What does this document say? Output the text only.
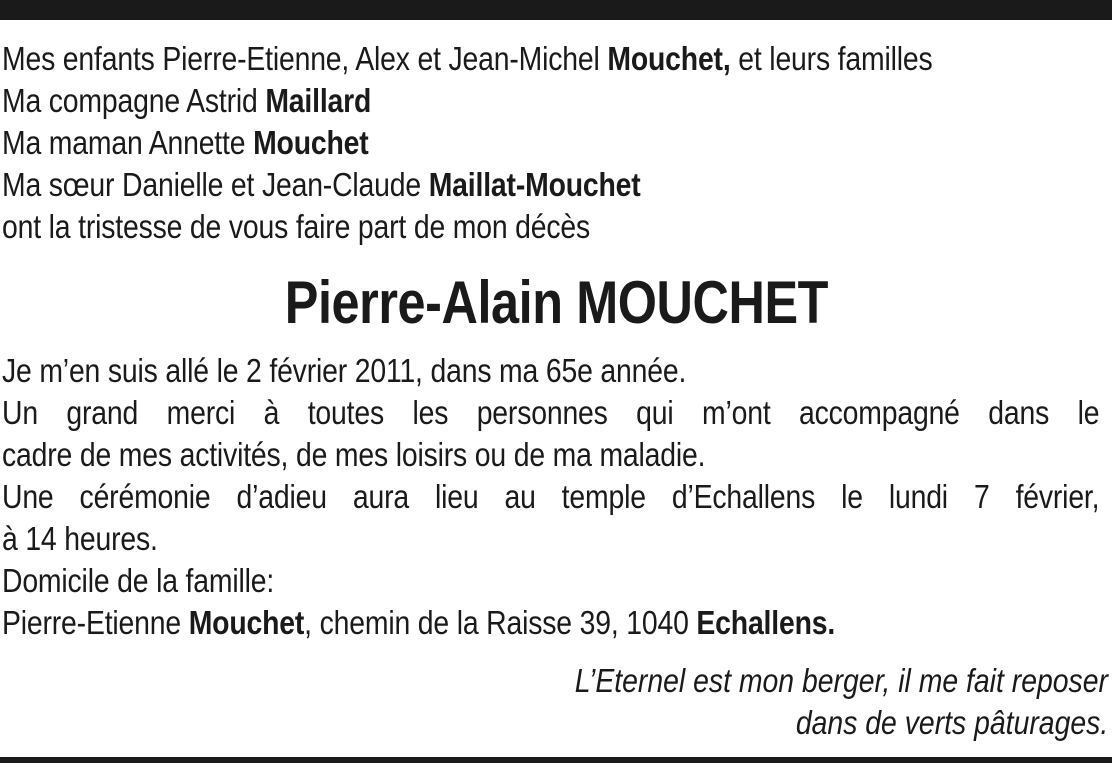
Mes enfants Pierre-Etienne, Alex et Jean-Michel Mouchet, et leurs familles
Ma compagne Astrid Maillard
Ma maman Annette Mouchet
Ma sœur Danielle et Jean-Claude Maillat-Mouchet
ont la tristesse de vous faire part de mon décès
Pierre-Alain MOUCHET
Je m’en suis allé le 2 février 2011, dans ma 65e année.
Un grand merci à toutes les personnes qui m’ont accompagné dans le
cadre de mes activités, de mes loisirs ou de ma maladie.
Une cérémonie d’adieu aura lieu au temple d’Echallens le lundi 7 février,
à 14 heures.
Domicile de la famille:
Pierre-Etienne Mouchet, chemin de la Raisse 39, 1040 Echallens.
L’Eternel est mon berger, il me fait reposer
dans de verts pâturages.
